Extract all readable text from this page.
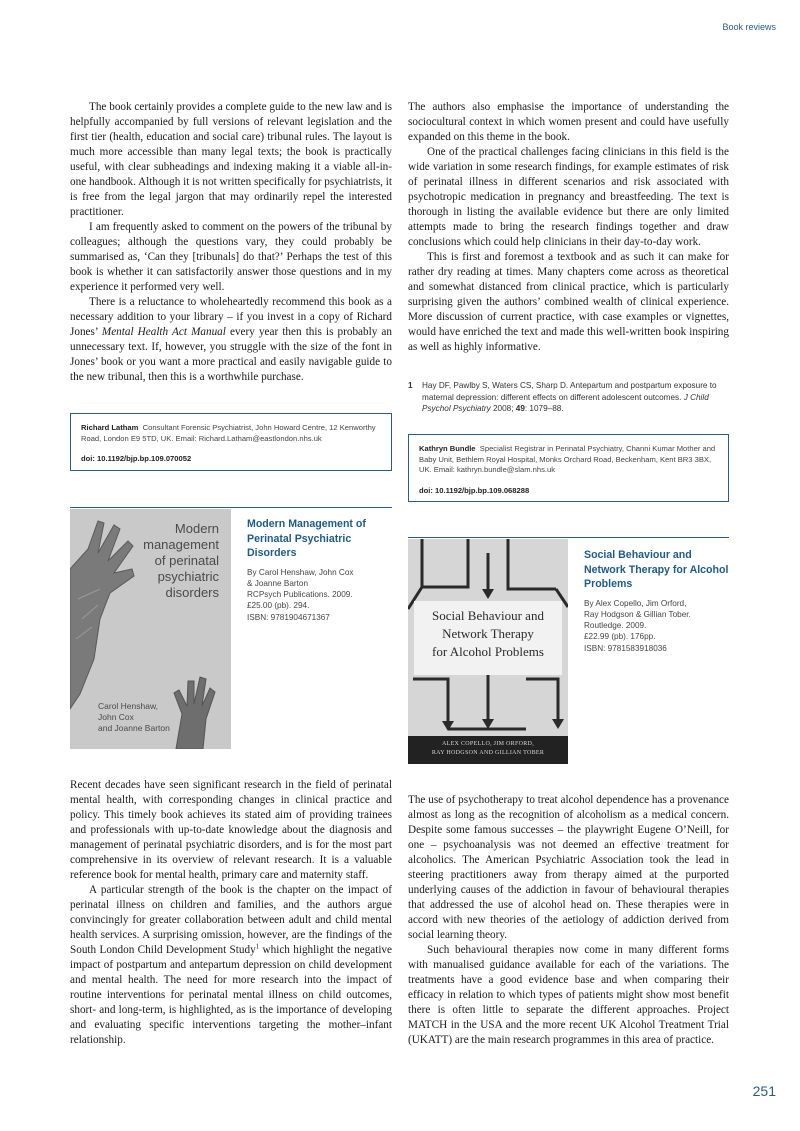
Book reviews

The book certainly provides a complete guide to the new law and is helpfully accompanied by full versions of relevant legislation and the first tier (health, education and social care) tribunal rules. The layout is much more accessible than many legal texts; the book is practically useful, with clear subheadings and indexing making it a viable all-in-one handbook. Although it is not written specifically for psychiatrists, it is free from the legal jargon that may ordinarily repel the interested practitioner.

I am frequently asked to comment on the powers of the tribunal by colleagues; although the questions vary, they could probably be summarised as, ‘Can they [tribunals] do that?’ Perhaps the test of this book is whether it can satisfactorily answer those questions and in my experience it performed very well.

There is a reluctance to wholeheartedly recommend this book as a necessary addition to your library – if you invest in a copy of Richard Jones’ Mental Health Act Manual every year then this is probably an unnecessary text. If, however, you struggle with the size of the font in Jones’ book or you want a more practical and easily navigable guide to the new tribunal, then this is a worthwhile purchase.

Richard Latham Consultant Forensic Psychiatrist, John Howard Centre, 12 Kenworthy Road, London E9 5TD, UK. Email: Richard.Latham@eastlondon.nhs.uk
doi: 10.1192/bjp.bp.109.070052

The authors also emphasise the importance of understanding the sociocultural context in which women present and could have usefully expanded on this theme in the book.

One of the practical challenges facing clinicians in this field is the wide variation in some research findings, for example estimates of risk of perinatal illness in different scenarios and risk associated with psychotropic medication in pregnancy and breastfeeding. The text is thorough in listing the available evidence but there are only limited attempts made to bring the research findings together and draw conclusions which could help clinicians in their day-to-day work.

This is first and foremost a textbook and as such it can make for rather dry reading at times. Many chapters come across as theoretical and somewhat distanced from clinical practice, which is particularly surprising given the authors’ combined wealth of clinical experience. More discussion of current practice, with case examples or vignettes, would have enriched the text and made this well-written book inspiring as well as highly informative.

1	Hay DF, Pawlby S, Waters CS, Sharp D. Antepartum and postpartum exposure to maternal depression: different effects on different adolescent outcomes. J Child Psychol Psychiatry 2008; 49: 1079–88.
Kathryn Bundle Specialist Registrar in Perinatal Psychiatry, Channi Kumar Mother and Baby Unit, Bethlem Royal Hospital, Monks Orchard Road, Beckenham, Kent BR3 3BX, UK. Email: kathryn.bundle@slam.nhs.uk
doi: 10.1192/bjp.bp.109.068288
Modern
management
of perinatal
psychiatric
disorders
Carol Henshaw,
John Cox
and Joanne Barton
Modern Management of Perinatal Psychiatric Disorders
By Carol Henshaw, John Cox
& Joanne Barton
RCPsych Publications. 2009.
£25.00 (pb). 294.
ISBN: 9781904671367	Social Behaviour and
Network Therapy
for Alcohol Problems
ALEX COPELLO, JIM ORFORD,
RAY HODGSON AND GILLIAN TOBER
Social Behaviour and Network Therapy for Alcohol Problems
By Alex Copello, Jim Orford,
Ray Hodgson & Gillian Tober.
Routledge. 2009.
£22.99 (pb). 176pp.
ISBN: 9781583918036

Recent decades have seen significant research in the field of perinatal mental health, with corresponding changes in clinical practice and policy. This timely book achieves its stated aim of providing trainees and professionals with up-to-date knowledge about the diagnosis and management of perinatal psychiatric disorders, and is for the most part comprehensive in its overview of relevant research. It is a valuable reference book for mental health, primary care and maternity staff.

A particular strength of the book is the chapter on the impact of perinatal illness on children and families, and the authors argue convincingly for greater collaboration between adult and child mental health services. A surprising omission, however, are the findings of the South London Child Development Study$^1$ which highlight the negative impact of postpartum and antepartum depression on child development and mental health. The need for more research into the impact of routine interventions for perinatal mental illness on child outcomes, short- and long-term, is highlighted, as is the importance of developing and evaluating specific interventions targeting the mother–infant relationship.

The use of psychotherapy to treat alcohol dependence has a provenance almost as long as the recognition of alcoholism as a medical concern. Despite some famous successes – the playwright Eugene O’Neill, for one – psychoanalysis was not deemed an effective treatment for alcoholics. The American Psychiatric Association took the lead in steering practitioners away from therapy aimed at the purported underlying causes of the addiction in favour of behavioural therapies that addressed the use of alcohol head on. These therapies were in accord with new theories of the aetiology of addiction derived from social learning theory.

Such behavioural therapies now come in many different forms with manualised guidance available for each of the variations. The treatments have a good evidence base and when comparing their efficacy in relation to which types of patients might show most benefit there is often little to separate the different approaches. Project MATCH in the USA and the more recent UK Alcohol Treatment Trial (UKATT) are the main research programmes in this area of practice.

251
